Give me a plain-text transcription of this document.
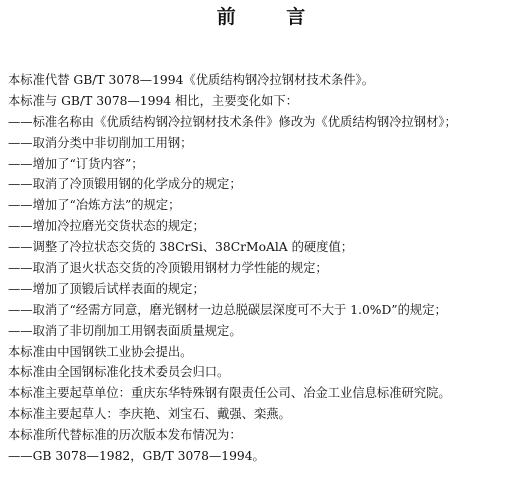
前 言
本标准代替 GB/T 3078—1994《优质结构钢冷拉钢材技术条件》。
本标准与 GB/T 3078—1994 相比，主要变化如下：
——标准名称由《优质结构钢冷拉钢材技术条件》修改为《优质结构钢冷拉钢材》；
——取消分类中非切削加工用钢；
——增加了“订货内容”；
——取消了冷顶锻用钢的化学成分的规定；
——增加了“冶炼方法”的规定；
——增加冷拉磨光交货状态的规定；
——调整了冷拉状态交货的 38CrSi、38CrMoAlA 的硬度值；
——取消了退火状态交货的冷顶锻用钢材力学性能的规定；
——增加了顶锻后试样表面的规定；
——取消了“经需方同意，磨光钢材一边总脱碳层深度可不大于 1.0%D”的规定；
——取消了非切削加工用钢表面质量规定。
本标准由中国钢铁工业协会提出。
本标准由全国钢标准化技术委员会归口。
本标准主要起草单位：重庆东华特殊钢有限责任公司、冶金工业信息标准研究院。
本标准主要起草人：李庆艳、刘宝石、戴强、栾燕。
本标准所代替标准的历次版本发布情况为：
——GB 3078—1982，GB/T 3078—1994。
